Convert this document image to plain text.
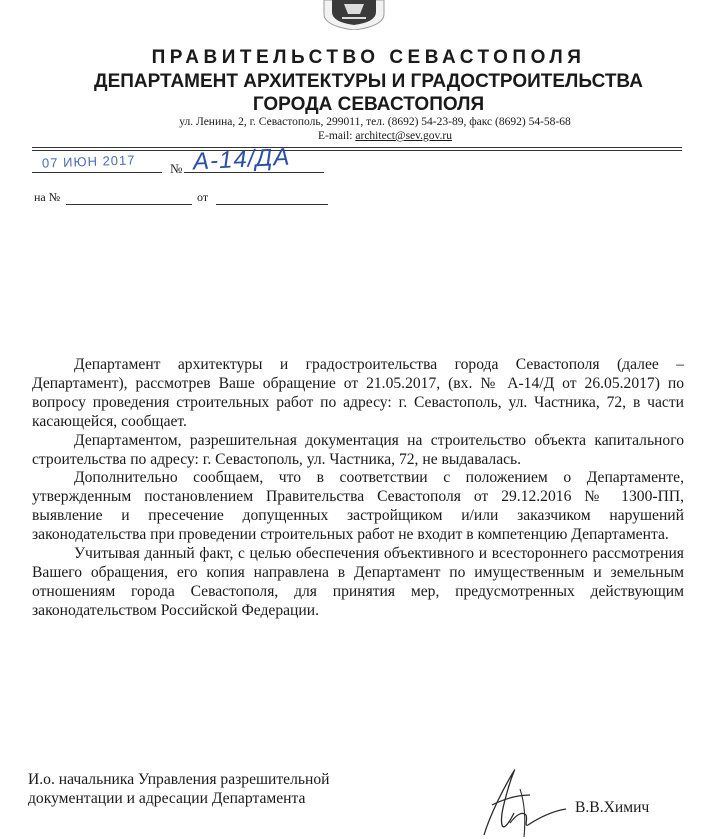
ПРАВИТЕЛЬСТВО СЕВАСТОПОЛЯ
ДЕПАРТАМЕНТ АРХИТЕКТУРЫ И ГРАДОСТРОИТЕЛЬСТВА
ГОРОДА СЕВАСТОПОЛЯ
ул. Ленина, 2, г. Севастополь, 299011, тел. (8692) 54-23-89, факс (8692) 54-58-68
E-mail: architect@sev.gov.ru
07 ИЮН 2017	№ А-14/ДА
на №	от

Департамент архитектуры и градостроительства города Севастополя (далее – Департамент), рассмотрев Ваше обращение от 21.05.2017, (вх. № А-14/Д от 26.05.2017) по вопросу проведения строительных работ по адресу: г. Севастополь, ул. Частника, 72, в части касающейся, сообщает.

Департаментом, разрешительная документация на строительство объекта капитального строительства по адресу: г. Севастополь, ул. Частника, 72, не выдавалась.

Дополнительно сообщаем, что в соответствии с положением о Департаменте, утвержденным постановлением Правительства Севастополя от 29.12.2016 № 1300-ПП, выявление и пресечение допущенных застройщиком и/или заказчиком нарушений законодательства при проведении строительных работ не входит в компетенцию Департамента.

Учитывая данный факт, с целью обеспечения объективного и всестороннего рассмотрения Вашего обращения, его копия направлена в Департамент по имущественным и земельным отношениям города Севастополя, для принятия мер, предусмотренных действующим законодательством Российской Федерации.

И.о. начальника Управления разрешительной
документации и адресации Департамента
В.В.Химич
